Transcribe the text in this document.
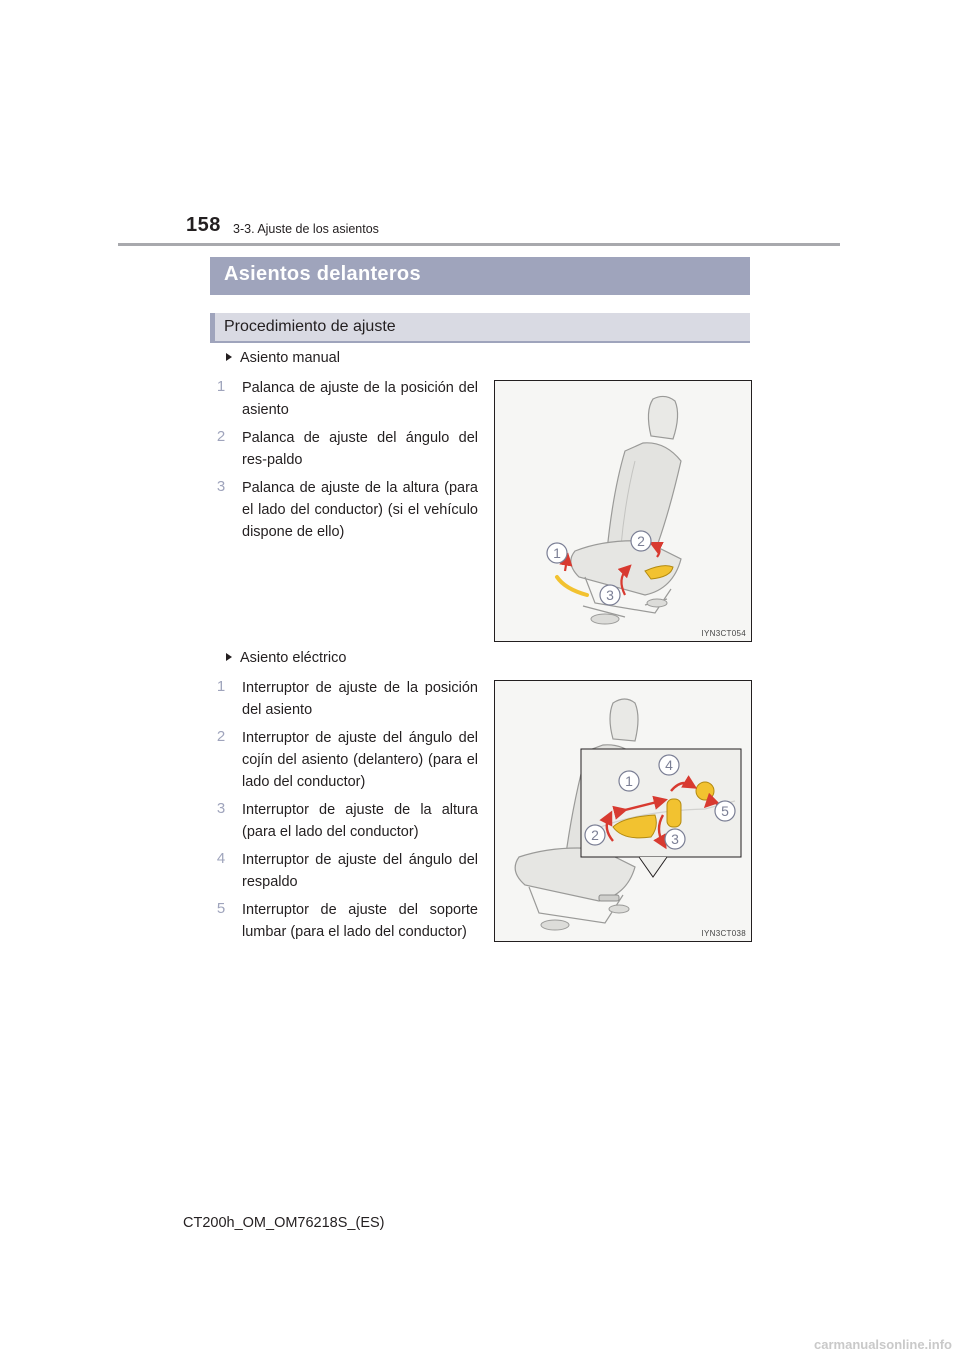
158 3-3. Ajuste de los asientos
Asientos delanteros
Procedimiento de ajuste
Asiento manual
1 Palanca de ajuste de la posición del asiento
2 Palanca de ajuste del ángulo del res-paldo
3 Palanca de ajuste de la altura (para el lado del conductor) (si el vehículo dispone de ello)
1
2
3
IYN3CT054
Asiento eléctrico
1 Interruptor de ajuste de la posición del asiento
2 Interruptor de ajuste del ángulo del cojín del asiento (delantero) (para el lado del conductor)
3 Interruptor de ajuste de la altura (para el lado del conductor)
4 Interruptor de ajuste del ángulo del respaldo
5 Interruptor de ajuste del soporte lumbar (para el lado del conductor)
1
2	3
4
5
IYN3CT038
CT200h_OM_OM76218S_(ES)
carmanualsonline.info
